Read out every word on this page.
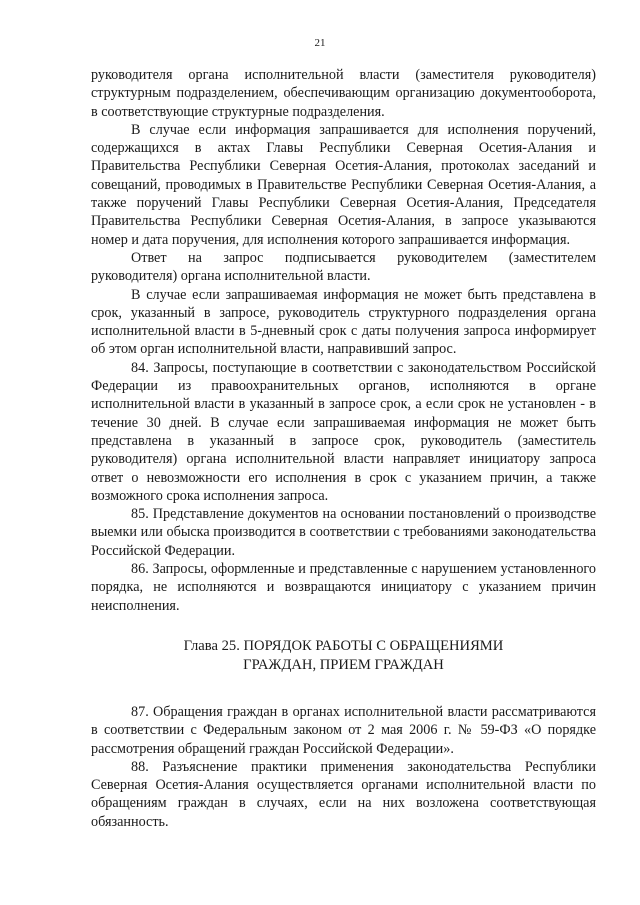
21

руководителя органа исполнительной власти (заместителя руководителя) структурным подразделением, обеспечивающим организацию документооборота, в соответствующие структурные подразделения.

В случае если информация запрашивается для исполнения поручений, содержащихся в актах Главы Республики Северная Осетия-Алания и Правительства Республики Северная Осетия-Алания, протоколах заседаний и совещаний, проводимых в Правительстве Республики Северная Осетия-Алания, а также поручений Главы Республики Северная Осетия-Алания, Председателя Правительства Республики Северная Осетия-Алания, в запросе указываются номер и дата поручения, для исполнения которого запрашивается информация.

Ответ на запрос подписывается руководителем (заместителем руководителя) органа исполнительной власти.

В случае если запрашиваемая информация не может быть представлена в срок, указанный в запросе, руководитель структурного подразделения органа исполнительной власти в 5-дневный срок с даты получения запроса информирует об этом орган исполнительной власти, направивший запрос.

84. Запросы, поступающие в соответствии с законодательством Российской Федерации из правоохранительных органов, исполняются в органе исполнительной власти в указанный в запросе срок, а если срок не установлен - в течение 30 дней. В случае если запрашиваемая информация не может быть представлена в указанный в запросе срок, руководитель (заместитель руководителя) органа исполнительной власти направляет инициатору запроса ответ о невозможности его исполнения в срок с указанием причин, а также возможного срока исполнения запроса.

85. Представление документов на основании постановлений о производстве выемки или обыска производится в соответствии с требованиями законодательства Российской Федерации.

86. Запросы, оформленные и представленные с нарушением установленного порядка, не исполняются и возвращаются инициатору с указанием причин неисполнения.

Глава 25. ПОРЯДОК РАБОТЫ С ОБРАЩЕНИЯМИ
ГРАЖДАН, ПРИЕМ ГРАЖДАН

87. Обращения граждан в органах исполнительной власти рассматриваются в соответствии с Федеральным законом от 2 мая 2006 г. № 59-ФЗ «О порядке рассмотрения обращений граждан Российской Федерации».

88. Разъяснение практики применения законодательства Республики Северная Осетия-Алания осуществляется органами исполнительной власти по обращениям граждан в случаях, если на них возложена соответствующая обязанность.
